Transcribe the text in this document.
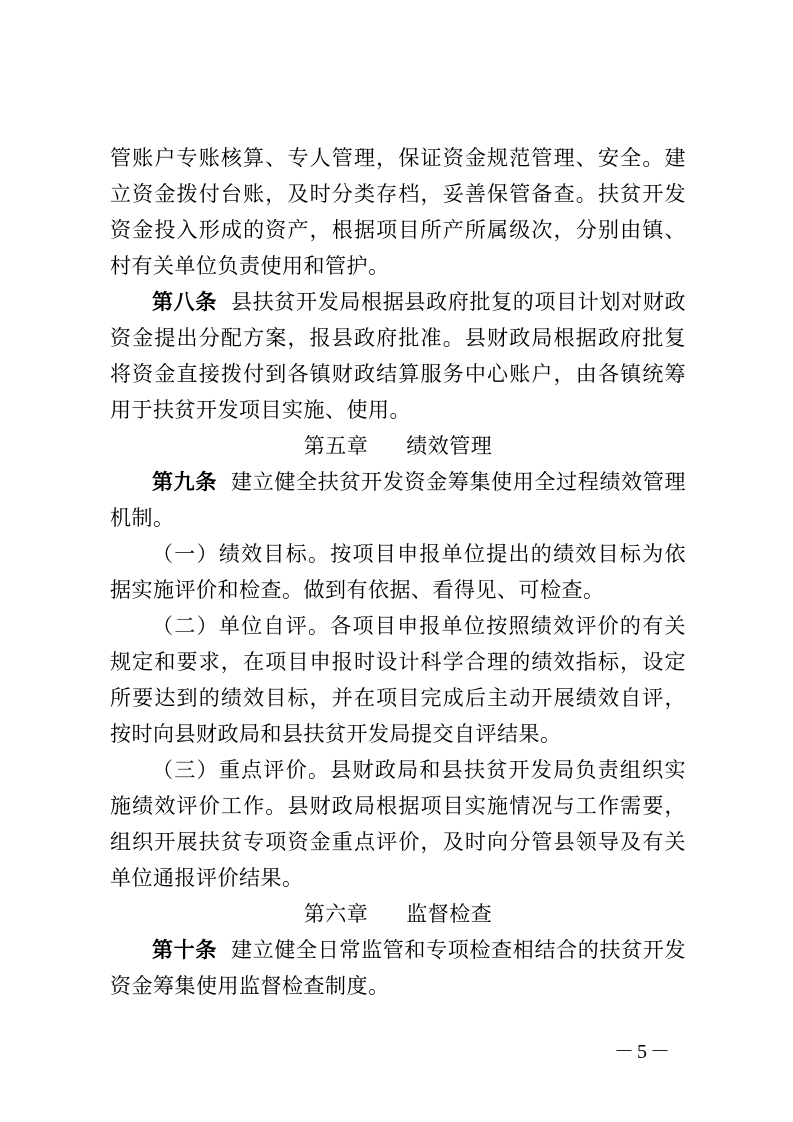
管账户专账核算、专人管理，保证资金规范管理、安全。建立资金拨付台账，及时分类存档，妥善保管备查。扶贫开发资金投入形成的资产，根据项目所产所属级次，分别由镇、村有关单位负责使用和管护。

第八条 县扶贫开发局根据县政府批复的项目计划对财政资金提出分配方案，报县政府批准。县财政局根据政府批复将资金直接拨付到各镇财政结算服务中心账户，由各镇统筹用于扶贫开发项目实施、使用。

第五章 绩效管理

第九条 建立健全扶贫开发资金筹集使用全过程绩效管理机制。

（一）绩效目标。按项目申报单位提出的绩效目标为依据实施评价和检查。做到有依据、看得见、可检查。

（二）单位自评。各项目申报单位按照绩效评价的有关规定和要求，在项目申报时设计科学合理的绩效指标，设定所要达到的绩效目标，并在项目完成后主动开展绩效自评，按时向县财政局和县扶贫开发局提交自评结果。

（三）重点评价。县财政局和县扶贫开发局负责组织实施绩效评价工作。县财政局根据项目实施情况与工作需要，组织开展扶贫专项资金重点评价，及时向分管县领导及有关单位通报评价结果。

第六章 监督检查

第十条 建立健全日常监管和专项检查相结合的扶贫开发资金筹集使用监督检查制度。

－5－
